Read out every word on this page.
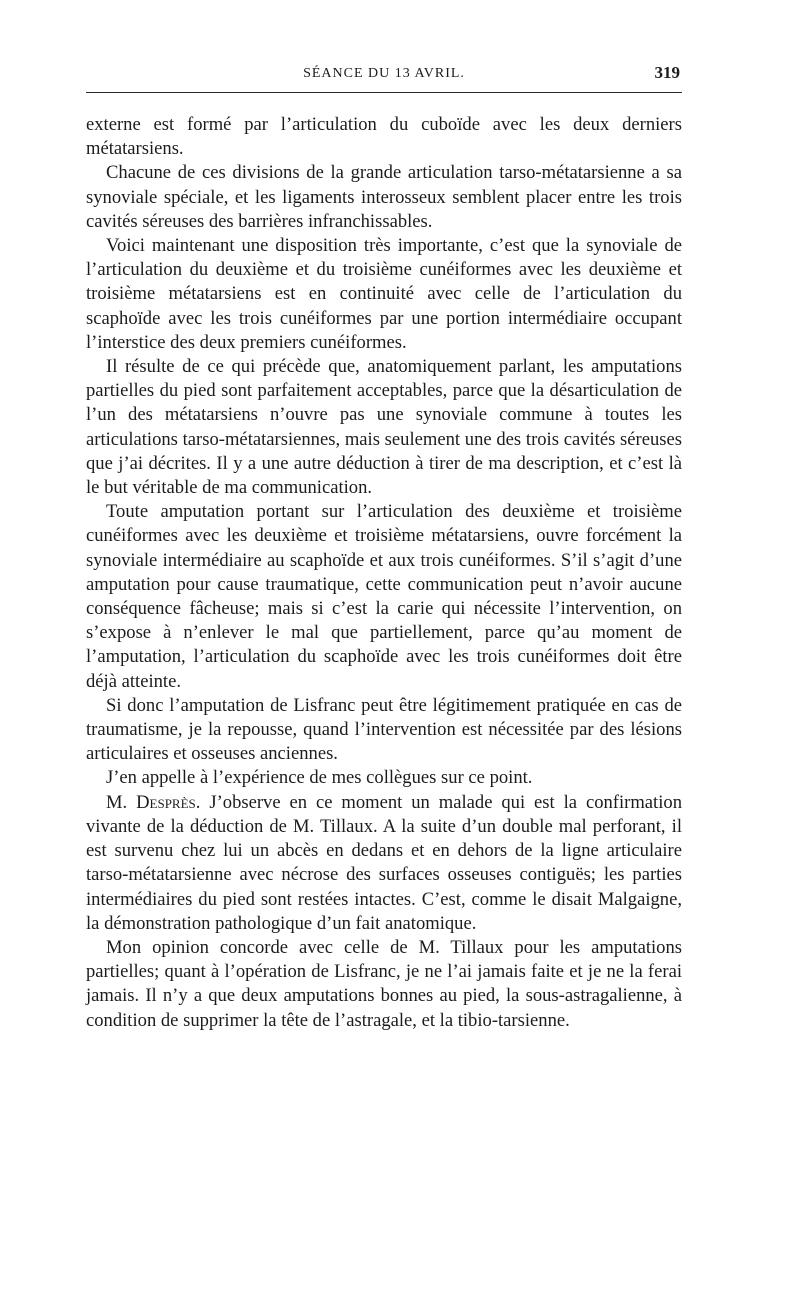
SÉANCE DU 13 AVRIL.	319

externe est formé par l’articulation du cuboïde avec les deux derniers métatarsiens.

Chacune de ces divisions de la grande articulation tarso-métatarsienne a sa synoviale spéciale, et les ligaments interosseux semblent placer entre les trois cavités séreuses des barrières infranchissables.

Voici maintenant une disposition très importante, c’est que la synoviale de l’articulation du deuxième et du troisième cunéiformes avec les deuxième et troisième métatarsiens est en continuité avec celle de l’articulation du scaphoïde avec les trois cunéiformes par une portion intermédiaire occupant l’interstice des deux premiers cunéiformes.

Il résulte de ce qui précède que, anatomiquement parlant, les amputations partielles du pied sont parfaitement acceptables, parce que la désarticulation de l’un des métatarsiens n’ouvre pas une synoviale commune à toutes les articulations tarso-métatarsiennes, mais seulement une des trois cavités séreuses que j’ai décrites. Il y a une autre déduction à tirer de ma description, et c’est là le but véritable de ma communication.

Toute amputation portant sur l’articulation des deuxième et troisième cunéiformes avec les deuxième et troisième métatarsiens, ouvre forcément la synoviale intermédiaire au scaphoïde et aux trois cunéiformes. S’il s’agit d’une amputation pour cause traumatique, cette communication peut n’avoir aucune conséquence fâcheuse; mais si c’est la carie qui nécessite l’intervention, on s’expose à n’enlever le mal que partiellement, parce qu’au moment de l’amputation, l’articulation du scaphoïde avec les trois cunéiformes doit être déjà atteinte.

Si donc l’amputation de Lisfranc peut être légitimement pratiquée en cas de traumatisme, je la repousse, quand l’intervention est nécessitée par des lésions articulaires et osseuses anciennes.

J’en appelle à l’expérience de mes collègues sur ce point.

M. Desprès. J’observe en ce moment un malade qui est la confirmation vivante de la déduction de M. Tillaux. A la suite d’un double mal perforant, il est survenu chez lui un abcès en dedans et en dehors de la ligne articulaire tarso-métatarsienne avec nécrose des surfaces osseuses contiguës; les parties intermédiaires du pied sont restées intactes. C’est, comme le disait Malgaigne, la démonstration pathologique d’un fait anatomique.

Mon opinion concorde avec celle de M. Tillaux pour les amputations partielles; quant à l’opération de Lisfranc, je ne l’ai jamais faite et je ne la ferai jamais. Il n’y a que deux amputations bonnes au pied, la sous-astragalienne, à condition de supprimer la tête de l’astragale, et la tibio-tarsienne.
